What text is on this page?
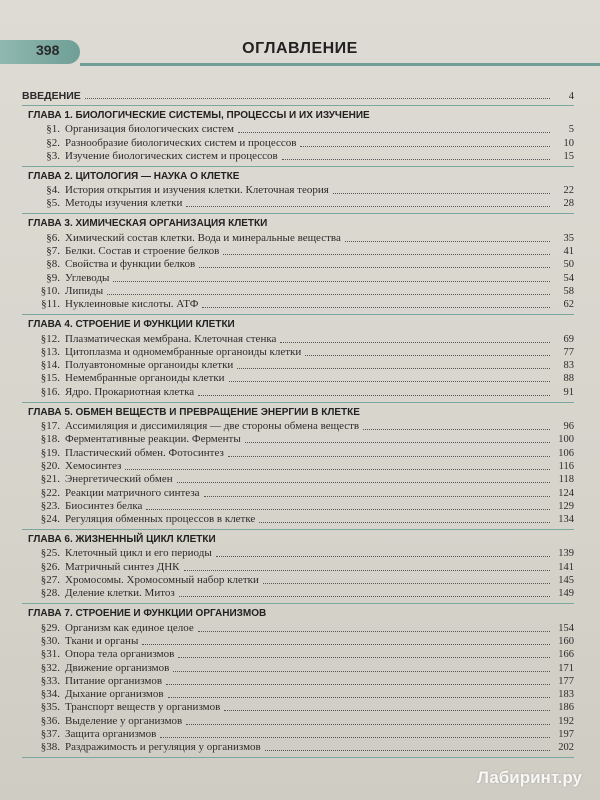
398	ОГЛАВЛЕНИЕ
ВВЕДЕНИЕ	4
ГЛАВА 1. БИОЛОГИЧЕСКИЕ СИСТЕМЫ, ПРОЦЕССЫ И ИХ ИЗУЧЕНИЕ
§1. Организация биологических систем	5
§2. Разнообразие биологических систем и процессов	10
§3. Изучение биологических систем и процессов	15
ГЛАВА 2. ЦИТОЛОГИЯ — НАУКА О КЛЕТКЕ
§4. История открытия и изучения клетки. Клеточная теория	22
§5. Методы изучения клетки	28
ГЛАВА 3. ХИМИЧЕСКАЯ ОРГАНИЗАЦИЯ КЛЕТКИ
§6. Химический состав клетки. Вода и минеральные вещества	35
§7. Белки. Состав и строение белков	41
§8. Свойства и функции белков	50
§9. Углеводы	54
§10. Липиды	58
§11. Нуклеиновые кислоты. АТФ	62
ГЛАВА 4. СТРОЕНИЕ И ФУНКЦИИ КЛЕТКИ
§12. Плазматическая мембрана. Клеточная стенка	69
§13. Цитоплазма и одномембранные органоиды клетки	77
§14. Полуавтономные органоиды клетки	83
§15. Немембранные органоиды клетки	88
§16. Ядро. Прокариотная клетка	91
ГЛАВА 5. ОБМЕН ВЕЩЕСТВ И ПРЕВРАЩЕНИЕ ЭНЕРГИИ В КЛЕТКЕ
§17. Ассимиляция и диссимиляция — две стороны обмена веществ	96
§18. Ферментативные реакции. Ферменты	100
§19. Пластический обмен. Фотосинтез	106
§20. Хемосинтез	116
§21. Энергетический обмен	118
§22. Реакции матричного синтеза	124
§23. Биосинтез белка	129
§24. Регуляция обменных процессов в клетке	134
ГЛАВА 6. ЖИЗНЕННЫЙ ЦИКЛ КЛЕТКИ
§25. Клеточный цикл и его периоды	139
§26. Матричный синтез ДНК	141
§27. Хромосомы. Хромосомный набор клетки	145
§28. Деление клетки. Митоз	149
ГЛАВА 7. СТРОЕНИЕ И ФУНКЦИИ ОРГАНИЗМОВ
§29. Организм как единое целое	154
§30. Ткани и органы	160
§31. Опора тела организмов	166
§32. Движение организмов	171
§33. Питание организмов	177
§34. Дыхание организмов	183
§35. Транспорт веществ у организмов	186
§36. Выделение у организмов	192
§37. Защита организмов	197
§38. Раздражимость и регуляция у организмов	202
Лабиринт.ру
